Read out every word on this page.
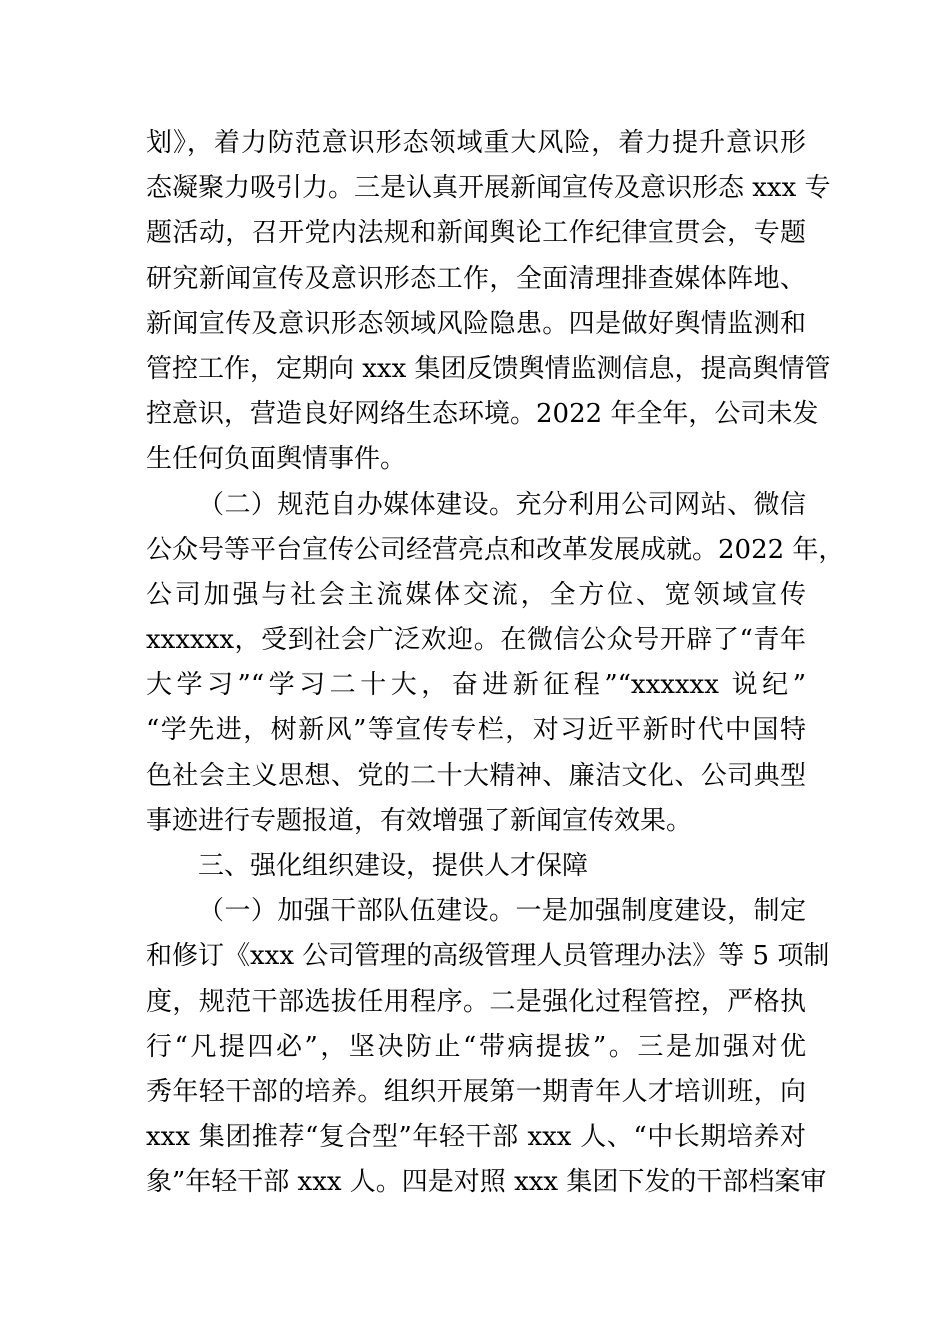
划》，着力防范意识形态领域重大风险，着力提升意识形
态凝聚力吸引力。三是认真开展新闻宣传及意识形态 xxx 专
题活动，召开党内法规和新闻舆论工作纪律宣贯会，专题
研究新闻宣传及意识形态工作，全面清理排查媒体阵地、
新闻宣传及意识形态领域风险隐患。四是做好舆情监测和
管控工作，定期向 xxx 集团反馈舆情监测信息，提高舆情管
控意识，营造良好网络生态环境。2022 年全年，公司未发
生任何负面舆情事件。
（二）规范自办媒体建设。充分利用公司网站、微信
公众号等平台宣传公司经营亮点和改革发展成就。2022 年，
公司加强与社会主流媒体交流，全方位、宽领域宣传
xxxxxx，受到社会广泛欢迎。在微信公众号开辟了“青年
大学习”“学习二十大，奋进新征程”“xxxxxx 说纪”
“学先进，树新风”等宣传专栏，对习近平新时代中国特
色社会主义思想、党的二十大精神、廉洁文化、公司典型
事迹进行专题报道，有效增强了新闻宣传效果。
三、强化组织建设，提供人才保障
（一）加强干部队伍建设。一是加强制度建设，制定
和修订《xxx 公司管理的高级管理人员管理办法》等 5 项制
度，规范干部选拔任用程序。二是强化过程管控，严格执
行“凡提四必”，坚决防止“带病提拔”。三是加强对优
秀年轻干部的培养。组织开展第一期青年人才培训班，向
xxx 集团推荐“复合型”年轻干部 xxx 人、“中长期培养对
象”年轻干部 xxx 人。四是对照 xxx 集团下发的干部档案审
